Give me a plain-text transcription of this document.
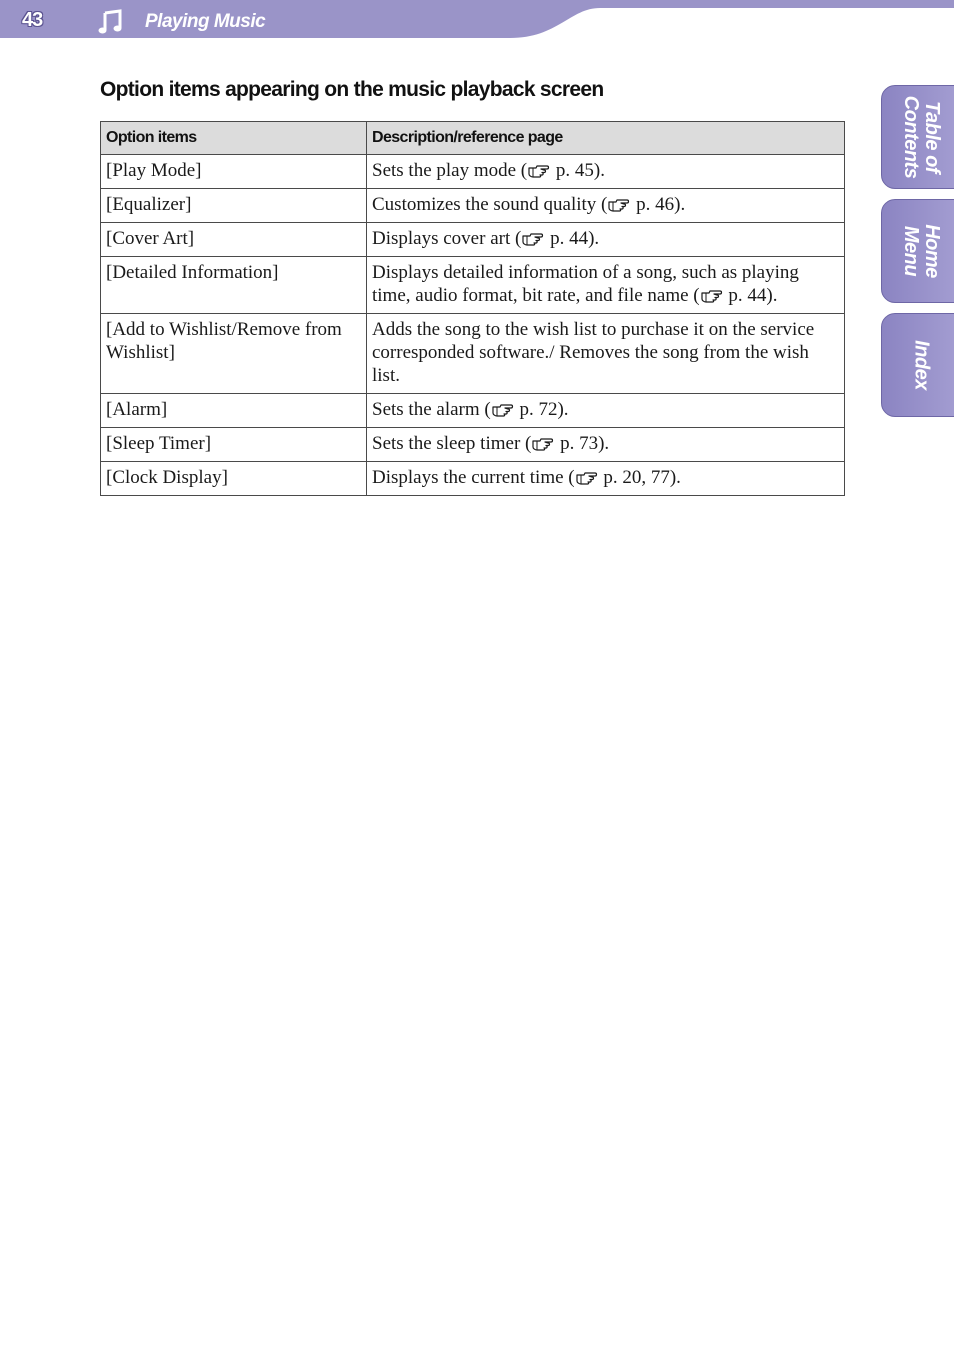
43	Playing Music
Table of
Contents
Home
Menu
Index
Option items appearing on the music playback screen
Option items	Description/reference page
[Play Mode]	Sets the play mode ( p. 45).
[Equalizer]	Customizes the sound quality ( p. 46).
[Cover Art]	Displays cover art ( p. 44).
[Detailed Information]	Displays detailed information of a song, such as playing time, audio format, bit rate, and file name ( p. 44).
[Add to Wishlist/Remove from Wishlist]	Adds the song to the wish list to purchase it on the service corresponded software./ Removes the song from the wish list.
[Alarm]	Sets the alarm ( p. 72).
[Sleep Timer]	Sets the sleep timer ( p. 73).
[Clock Display]	Displays the current time ( p. 20, 77).
